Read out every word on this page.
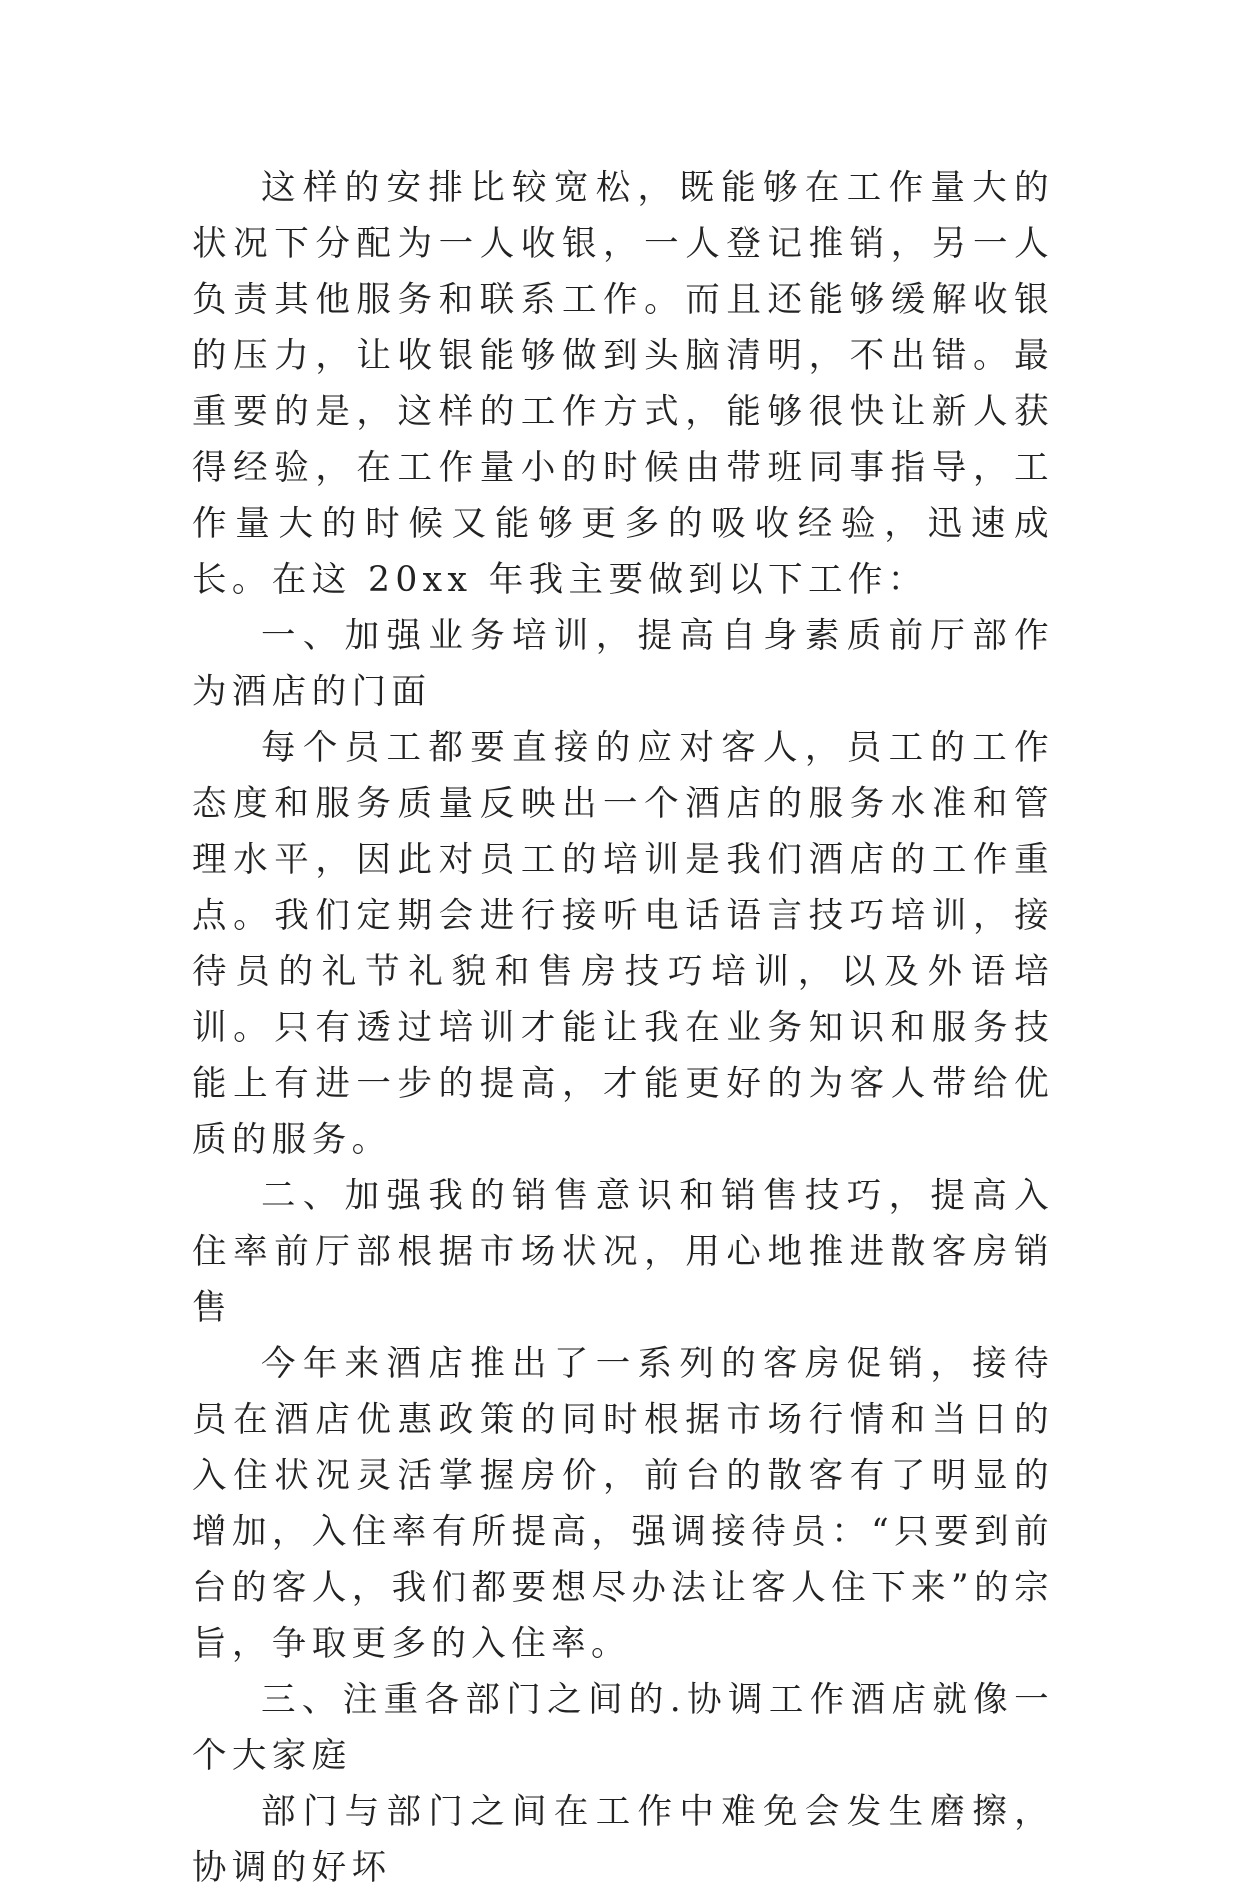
这样的安排比较宽松，既能够在工作量大的状况下分配为一人收银，一人登记推销，另一人负责其他服务和联系工作。而且还能够缓解收银的压力，让收银能够做到头脑清明，不出错。最重要的是，这样的工作方式，能够很快让新人获得经验，在工作量小的时候由带班同事指导，工作量大的时候又能够更多的吸收经验，迅速成长。在这 20xx 年我主要做到以下工作：

一、加强业务培训，提高自身素质前厅部作为酒店的门面

每个员工都要直接的应对客人，员工的工作态度和服务质量反映出一个酒店的服务水准和管理水平，因此对员工的培训是我们酒店的工作重点。我们定期会进行接听电话语言技巧培训，接待员的礼节礼貌和售房技巧培训，以及外语培训。只有透过培训才能让我在业务知识和服务技能上有进一步的提高，才能更好的为客人带给优质的服务。

二、加强我的销售意识和销售技巧，提高入住率前厅部根据市场状况，用心地推进散客房销售

今年来酒店推出了一系列的客房促销，接待员在酒店优惠政策的同时根据市场行情和当日的入住状况灵活掌握房价，前台的散客有了明显的增加，入住率有所提高，强调接待员：“只要到前台的客人，我们都要想尽办法让客人住下来”的宗旨，争取更多的入住率。

三、注重各部门之间的.协调工作酒店就像一个大家庭

部门与部门之间在工作中难免会发生磨擦，协调的好坏
